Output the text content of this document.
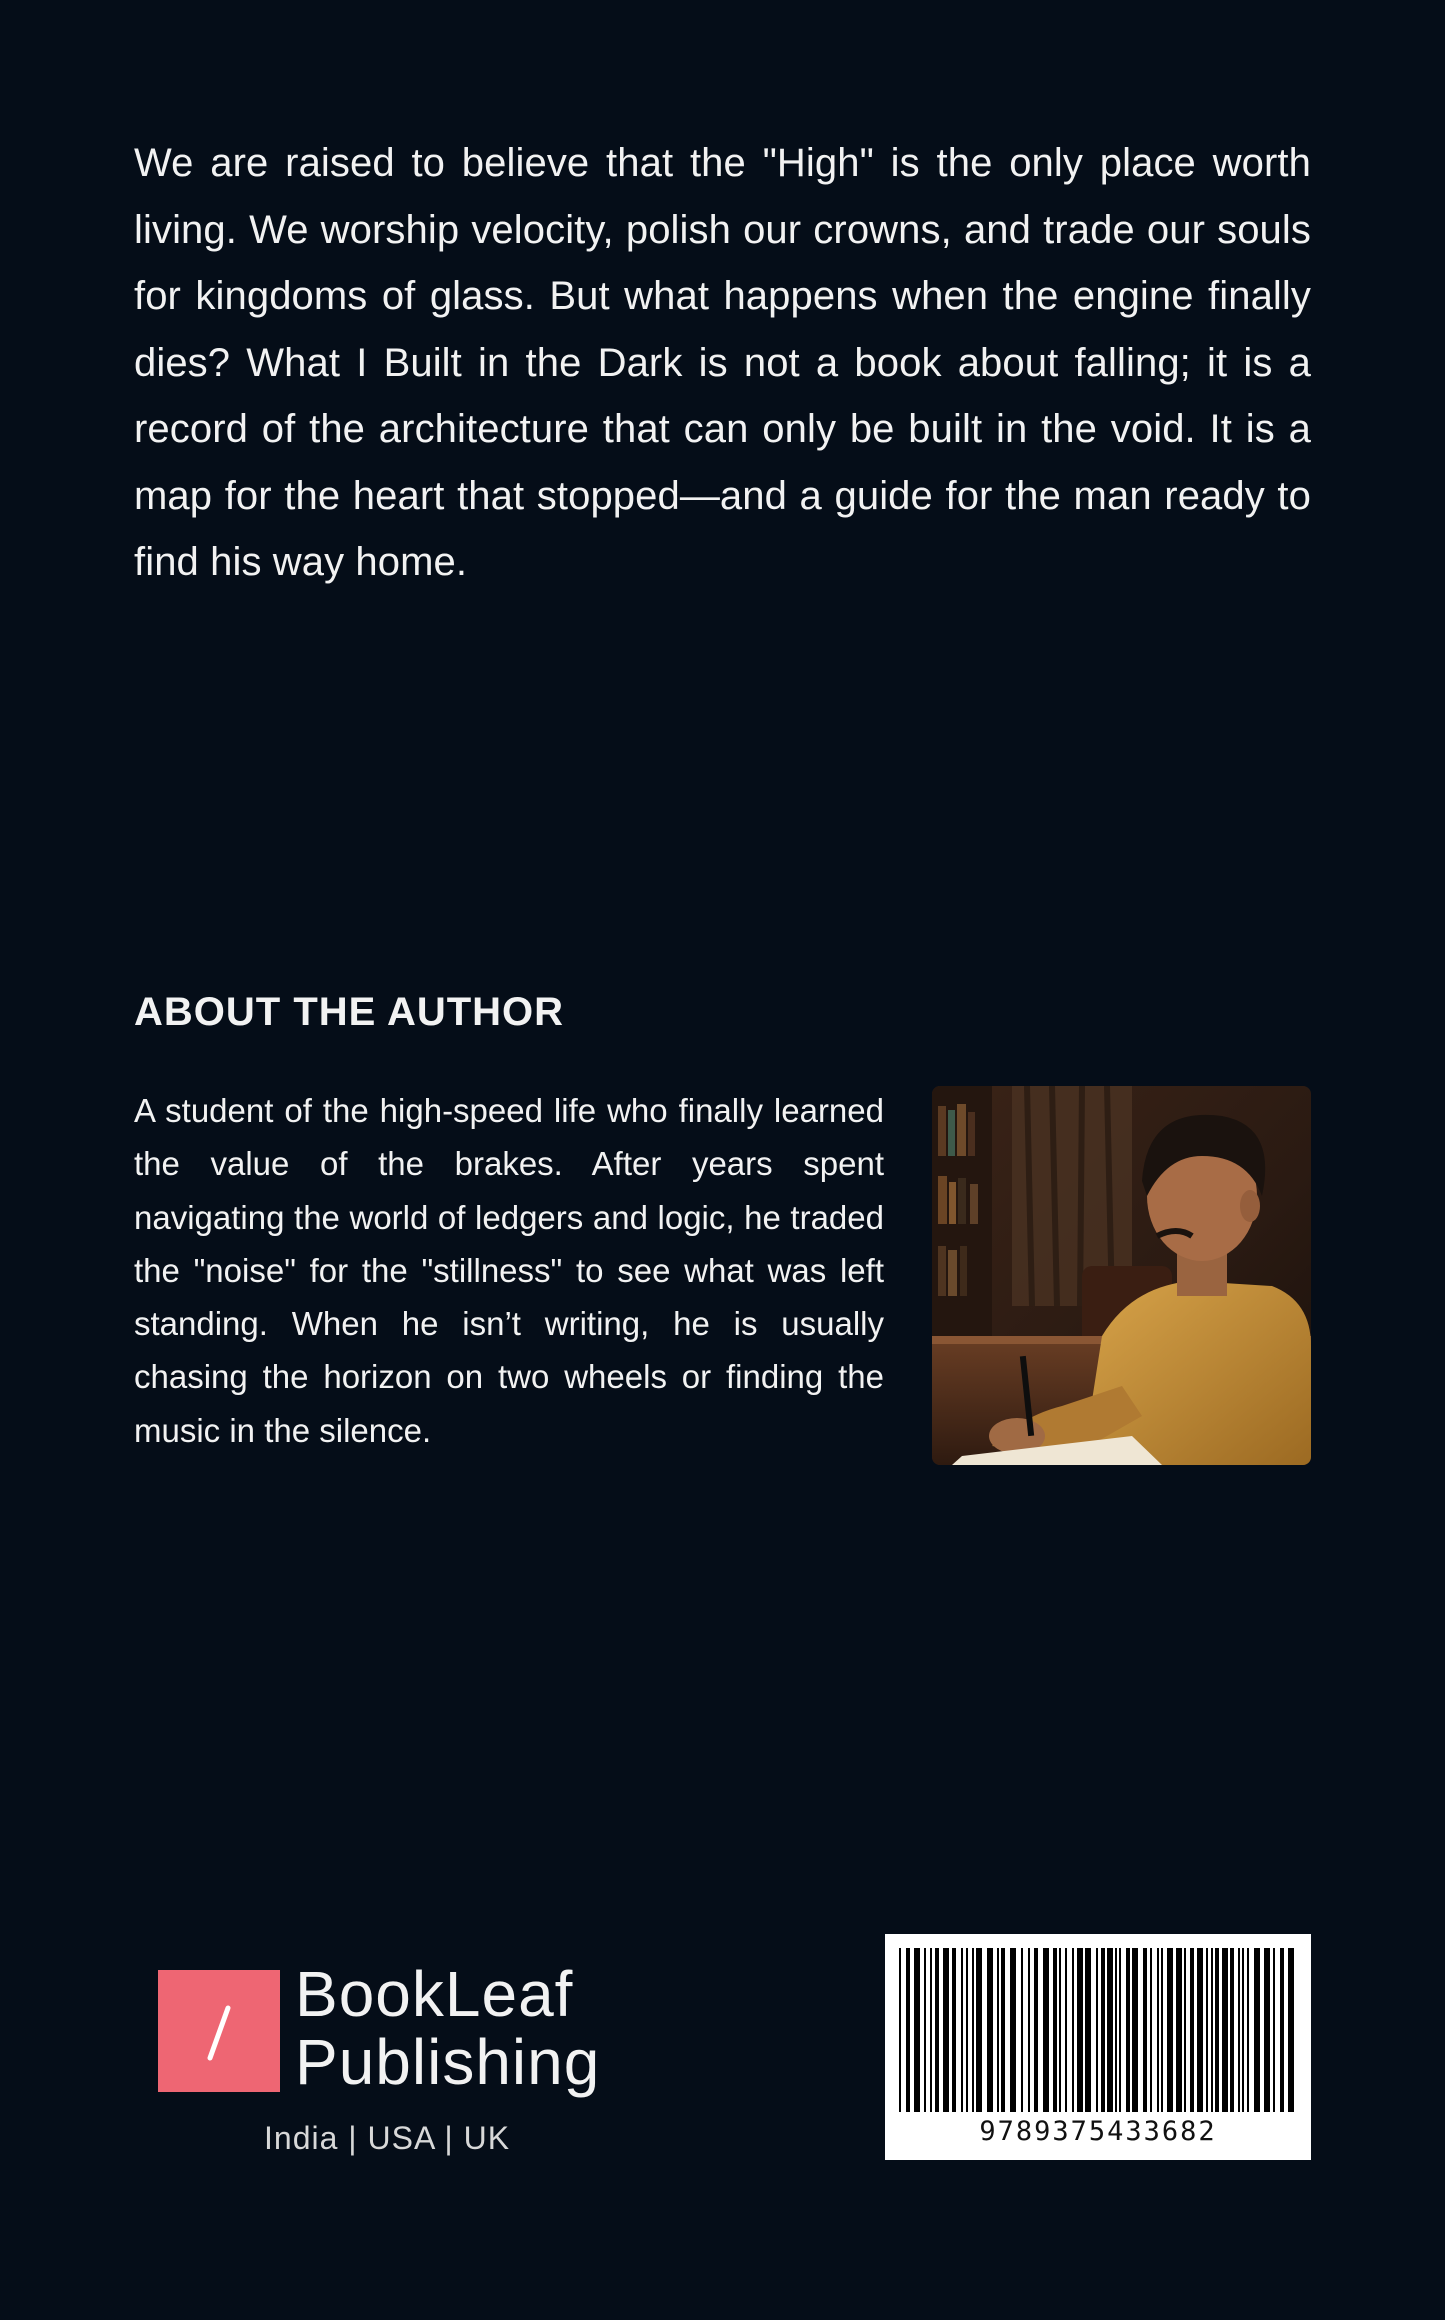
We are raised to believe that the "High" is the only place worth living. We worship velocity, polish our crowns, and trade our souls for kingdoms of glass. But what happens when the engine finally dies? What I Built in the Dark is not a book about falling; it is a record of the architecture that can only be built in the void. It is a map for the heart that stopped—and a guide for the man ready to find his way home.

ABOUT THE AUTHOR

A student of the high-speed life who finally learned the value of the brakes. After years spent navigating the world of ledgers and logic, he traded the "noise" for the "stillness" to see what was left standing. When he isn’t writing, he is usually chasing the horizon on two wheels or finding the music in the silence.

BookLeaf
Publishing
India | USA | UK	9789375433682
